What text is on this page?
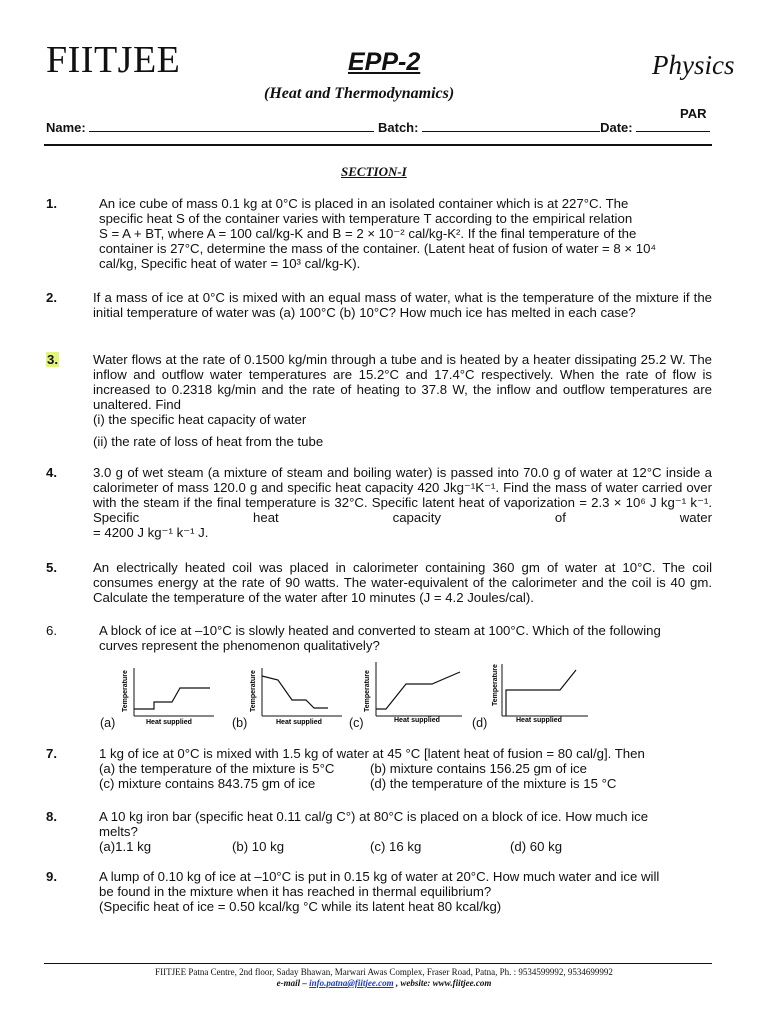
FIITJEE	EPP-2	Physics
(Heat and Thermodynamics)
PAR
Name:	Batch:	Date:
SECTION-I
1.	An ice cube of mass 0.1 kg at 0°C is placed in an isolated container which is at 227°C. The
specific heat S of the container varies with temperature T according to the empirical relation
S = A + BT, where A = 100 cal/kg-K and B = 2 × 10⁻² cal/kg-K². If the final temperature of the
container is 27°C, determine the mass of the container. (Latent heat of fusion of water = 8 × 10⁴
cal/kg, Specific heat of water = 10³ cal/kg-K).
2.	If a mass of ice at 0°C is mixed with an equal mass of water, what is the temperature of the mixture if the initial temperature of water was (a) 100°C (b) 10°C? How much ice has melted in each case?
3.	Water flows at the rate of 0.1500 kg/min through a tube and is heated by a heater dissipating 25.2 W. The inflow and outflow water temperatures are 15.2°C and 17.4°C respectively. When the rate of flow is increased to 0.2318 kg/min and the rate of heating to 37.8 W, the inflow and outflow temperatures are unaltered. Find
(i) the specific heat capacity of water
(ii) the rate of loss of heat from the tube
4.	3.0 g of wet steam (a mixture of steam and boiling water) is passed into 70.0 g of water at 12°C inside a calorimeter of mass 120.0 g and specific heat capacity 420 Jkg⁻¹K⁻¹. Find the mass of water carried over with the steam if the final temperature is 32°C. Specific latent heat of vaporization = 2.3 × 10⁶ J kg⁻¹ k⁻¹. Specific heat capacity of water
= 4200 J kg⁻¹ k⁻¹ J.
5.	An electrically heated coil was placed in calorimeter containing 360 gm of water at 10°C. The coil consumes energy at the rate of 90 watts. The water-equivalent of the calorimeter and the coil is 40 gm. Calculate the temperature of the water after 10 minutes (J = 4.2 Joules/cal).
6.	A block of ice at –10°C is slowly heated and converted to steam at 100°C. Which of the following
curves represent the phenomenon qualitatively?
Temperature
Heat supplied
Temperature
Heat supplied
Temperature
Heat supplied
Temperature
Heat supplied
(a)	(b)	(c)	(d)
7.	1 kg of ice at 0°C is mixed with 1.5 kg of water at 45 °C [latent heat of fusion = 80 cal/g]. Then
(a) the temperature of the mixture is 5°C	(b) mixture contains 156.25 gm of ice
(c) mixture contains 843.75 gm of ice	(d) the temperature of the mixture is 15 °C
8.	A 10 kg iron bar (specific heat 0.11 cal/g C°) at 80°C is placed on a block of ice. How much ice
melts?
(a)1.1 kg	(b) 10 kg	(c) 16 kg	(d) 60 kg
9.	A lump of 0.10 kg of ice at –10°C is put in 0.15 kg of water at 20°C. How much water and ice will
be found in the mixture when it has reached in thermal equilibrium?
(Specific heat of ice = 0.50 kcal/kg °C while its latent heat 80 kcal/kg)
FIITJEE Patna Centre, 2nd floor, Saday Bhawan, Marwari Awas Complex, Fraser Road, Patna, Ph. : 9534599992, 9534699992
e-mail – info.patna@fiitjee.com , website: www.fiitjee.com
